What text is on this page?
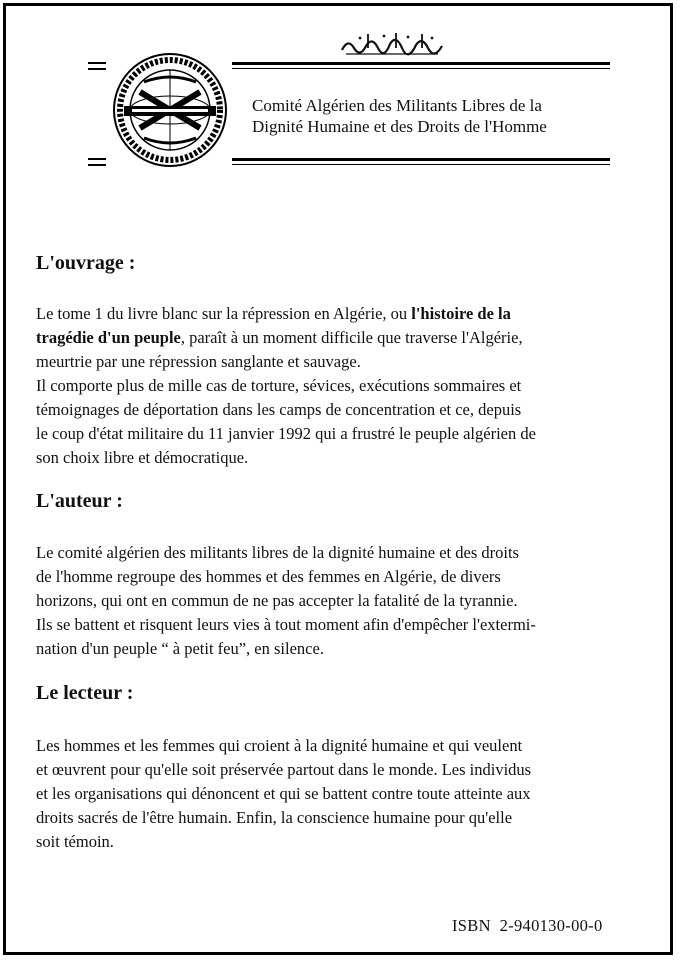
Comité Algérien des Militants Libres de la
Dignité Humaine et des Droits de l'Homme
L'ouvrage :
Le tome 1 du livre blanc sur la répression en Algérie, ou l'histoire de la
tragédie d'un peuple, paraît à un moment difficile que traverse l'Algérie,
meurtrie par une répression sanglante et sauvage.
Il comporte plus de mille cas de torture, sévices, exécutions sommaires et
témoignages de déportation dans les camps de concentration et ce, depuis
le coup d'état militaire du 11 janvier 1992 qui a frustré le peuple algérien de
son choix libre et démocratique.
L'auteur :
Le comité algérien des militants libres de la dignité humaine et des droits
de l'homme regroupe des hommes et des femmes en Algérie, de divers
horizons, qui ont en commun de ne pas accepter la fatalité de la tyrannie.
Ils se battent et risquent leurs vies à tout moment afin d'empêcher l'extermi-
nation d'un peuple “ à petit feu”, en silence.
Le lecteur :
Les hommes et les femmes qui croient à la dignité humaine et qui veulent
et œuvrent pour qu'elle soit préservée partout dans le monde. Les individus
et les organisations qui dénoncent et qui se battent contre toute atteinte aux
droits sacrés de l'être humain. Enfin, la conscience humaine pour qu'elle
soit témoin.
ISBN  2-940130-00-0
